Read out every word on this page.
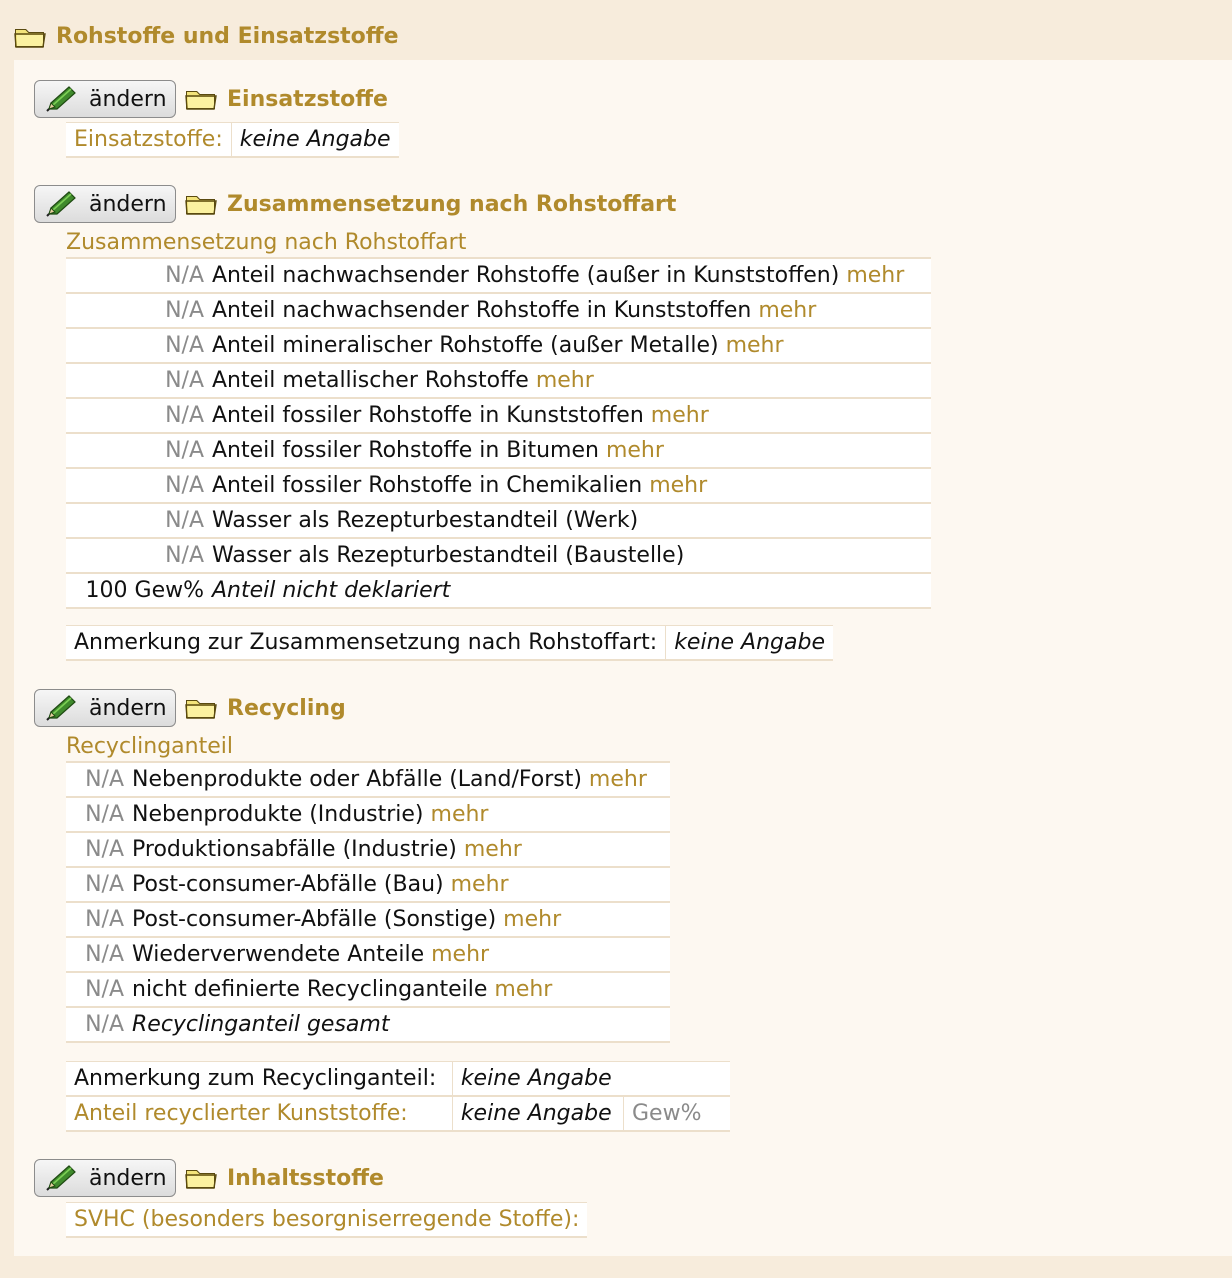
Rohstoffe und Einsatzstoffe
ändern	Einsatzstoffe
Einsatzstoffe:	keine Angabe
ändern	Zusammensetzung nach Rohstoffart
Zusammensetzung nach Rohstoffart
N/A	Anteil nachwachsender Rohstoffe (außer in Kunststoffen) mehr
N/A	Anteil nachwachsender Rohstoffe in Kunststoffen mehr
N/A	Anteil mineralischer Rohstoffe (außer Metalle) mehr
N/A	Anteil metallischer Rohstoffe mehr
N/A	Anteil fossiler Rohstoffe in Kunststoffen mehr
N/A	Anteil fossiler Rohstoffe in Bitumen mehr
N/A	Anteil fossiler Rohstoffe in Chemikalien mehr
N/A	Wasser als Rezepturbestandteil (Werk)
N/A	Wasser als Rezepturbestandteil (Baustelle)
100 Gew%	Anteil nicht deklariert
Anmerkung zur Zusammensetzung nach Rohstoffart:	keine Angabe
ändern	Recycling
Recyclinganteil
N/A	Nebenprodukte oder Abfälle (Land/Forst) mehr
N/A	Nebenprodukte (Industrie) mehr
N/A	Produktionsabfälle (Industrie) mehr
N/A	Post-consumer-Abfälle (Bau) mehr
N/A	Post-consumer-Abfälle (Sonstige) mehr
N/A	Wiederverwendete Anteile mehr
N/A	nicht definierte Recyclinganteile mehr
N/A	Recyclinganteil gesamt
Anmerkung zum Recyclinganteil:	keine Angabe	
Anteil recyclierter Kunststoffe:	keine Angabe	Gew%
ändern	Inhaltsstoffe
SVHC (besonders besorgniserregende Stoffe):
